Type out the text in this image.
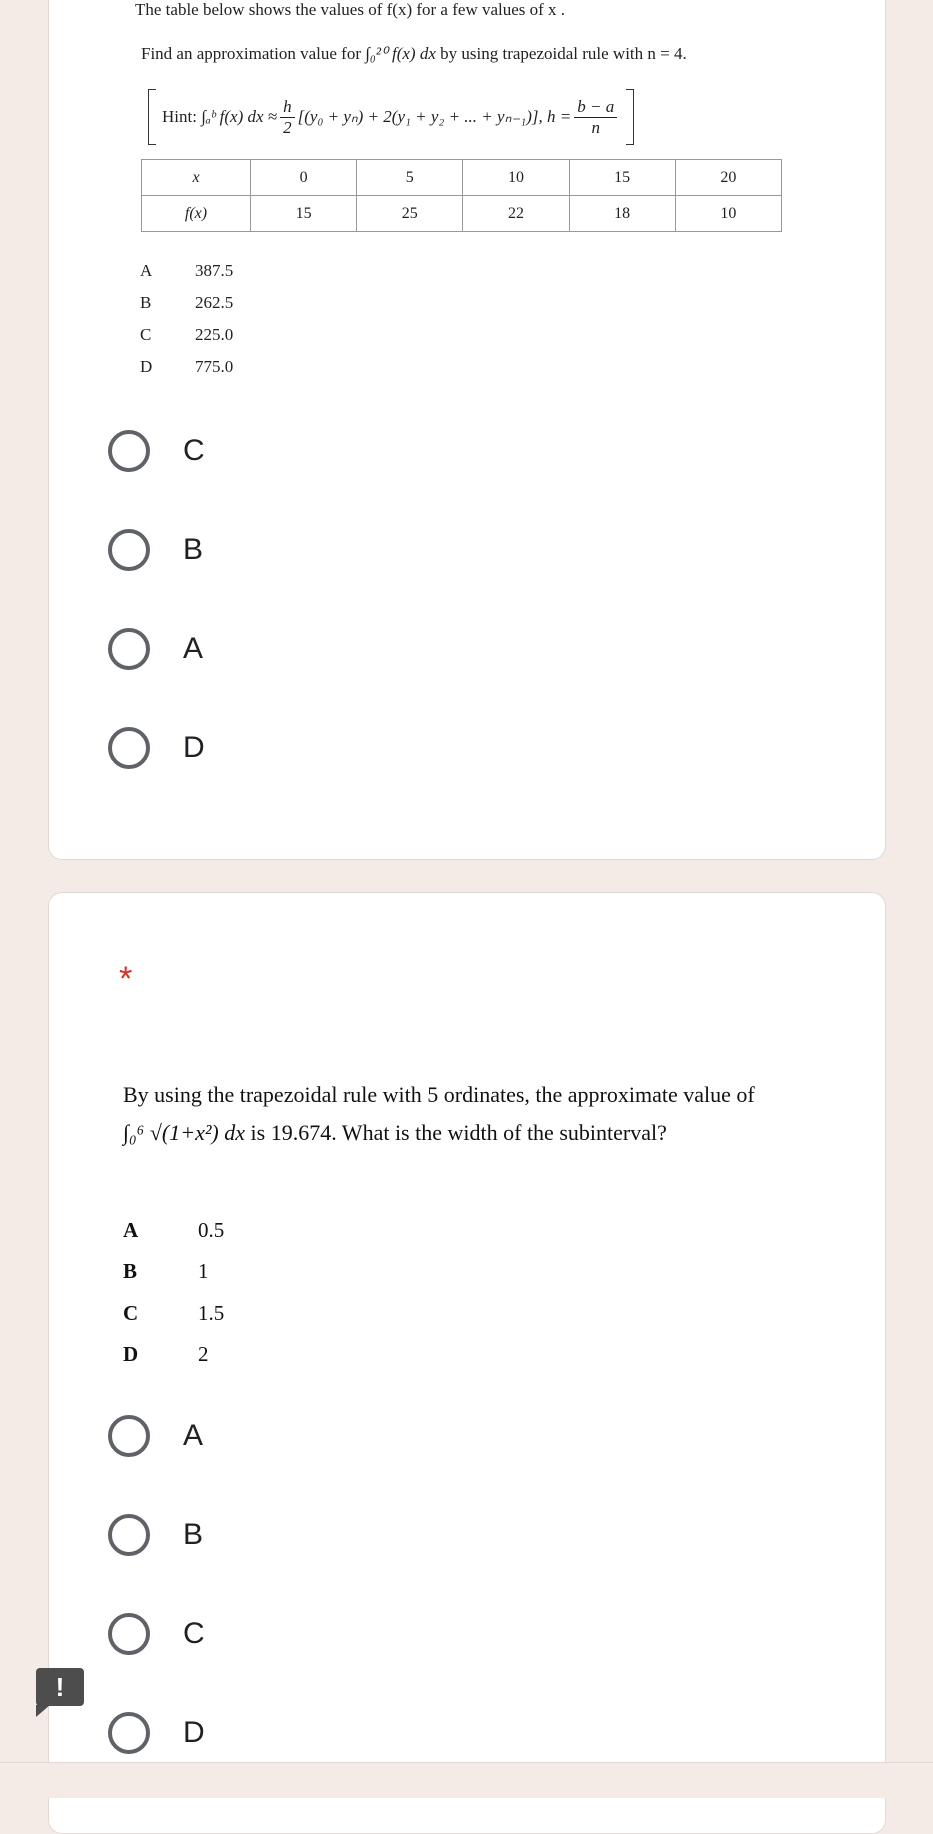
The table below shows the values of f(x) for a few values of x .
Find an approximation value for ∫₀²⁰ f(x) dx by using trapezoidal rule with n = 4.
Hint:
∫ₐᵇ f(x) dx ≈ $\frac{h}{2} [(y_0 + y_n) + 2(y_1 + y_2$ + ... + yₙ₋₁)], $h = \frac{b - a}{n}$
x	0	5	10	15	20
f(x)	15	25	22	18	10
A	387.5
B	262.5
C	225.0
D	775.0
C
B
A
D
*
By using the trapezoidal rule with 5 ordinates, the approximate value of
∫₀⁶ √(1+x²) dx is 19.674. What is the width of the subinterval?
A	0.5
B	1
C	1.5
D	2
A
B
C
D
!
